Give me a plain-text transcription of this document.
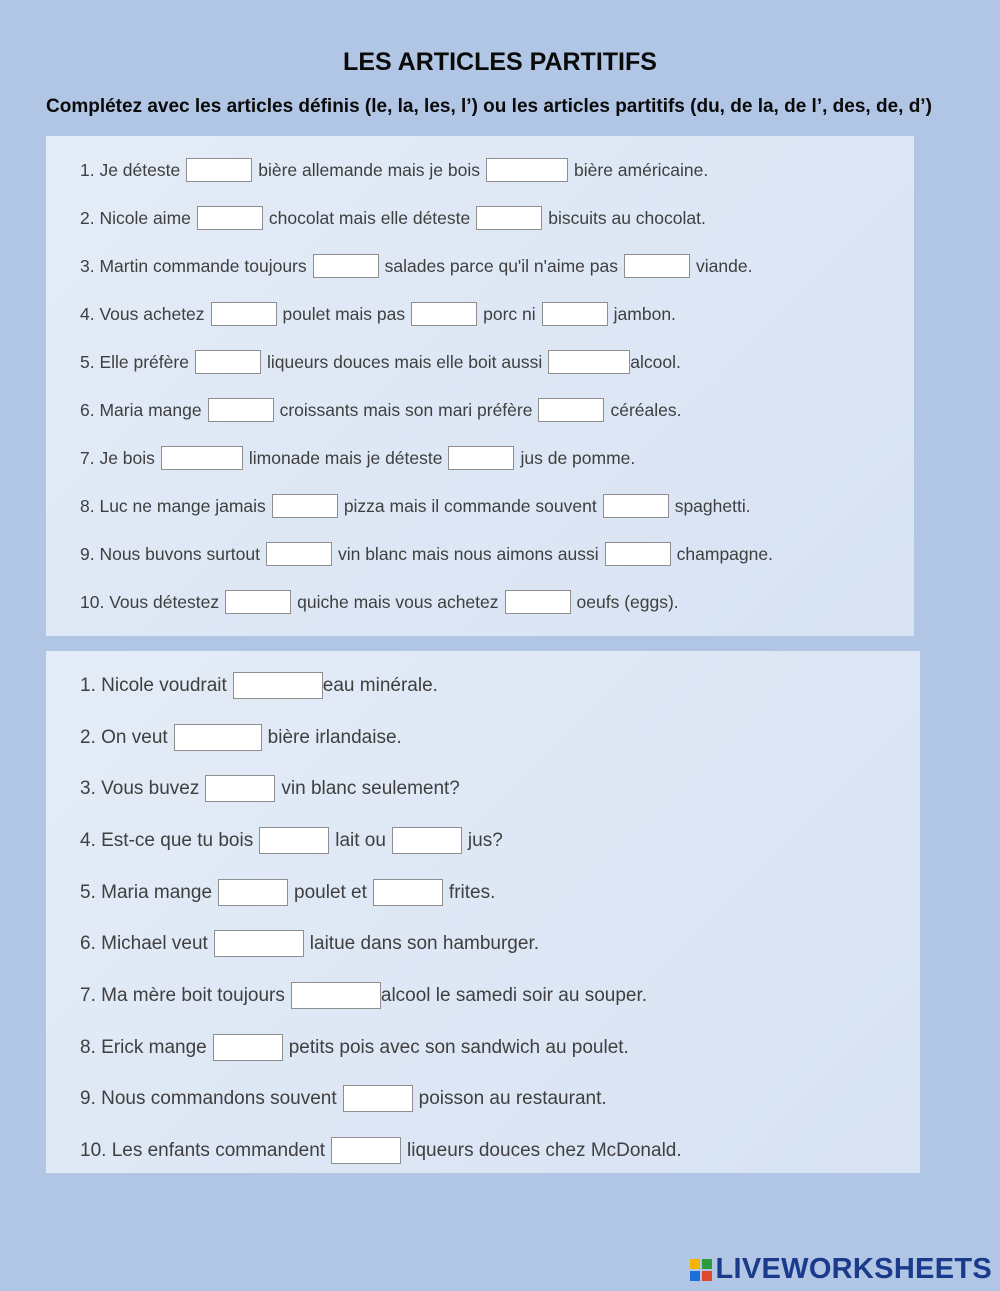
LES ARTICLES PARTITIFS

Complétez avec les articles définis (le, la, les, l’) ou les articles partitifs (du, de la, de l’, des, de, d’)

1. Je déteste	bière allemande mais je bois	bière américaine.
2. Nicole aime	chocolat mais elle déteste	biscuits au chocolat.
3. Martin commande toujours	salades parce qu'il n'aime pas	viande.
4. Vous achetez	poulet mais pas	porc ni	jambon.
5. Elle préfère	liqueurs douces mais elle boit aussi	alcool.
6. Maria mange	croissants mais son mari préfère	céréales.
7. Je bois	limonade mais je déteste	jus de pomme.
8. Luc ne mange jamais	pizza mais il commande souvent	spaghetti.
9. Nous buvons surtout	vin blanc mais nous aimons aussi	champagne.
10. Vous détestez	quiche mais vous achetez	oeufs (eggs).
1. Nicole voudrait	eau minérale.
2. On veut	bière irlandaise.
3. Vous buvez	vin blanc seulement?
4. Est-ce que tu bois	lait ou	jus?
5. Maria mange	poulet et	frites.
6. Michael veut	laitue dans son hamburger.
7. Ma mère boit toujours	alcool le samedi soir au souper.
8. Erick mange	petits pois avec son sandwich au poulet.
9. Nous commandons souvent	poisson au restaurant.
10. Les enfants commandent	liqueurs douces chez McDonald.
LIVEWORKSHEETS
